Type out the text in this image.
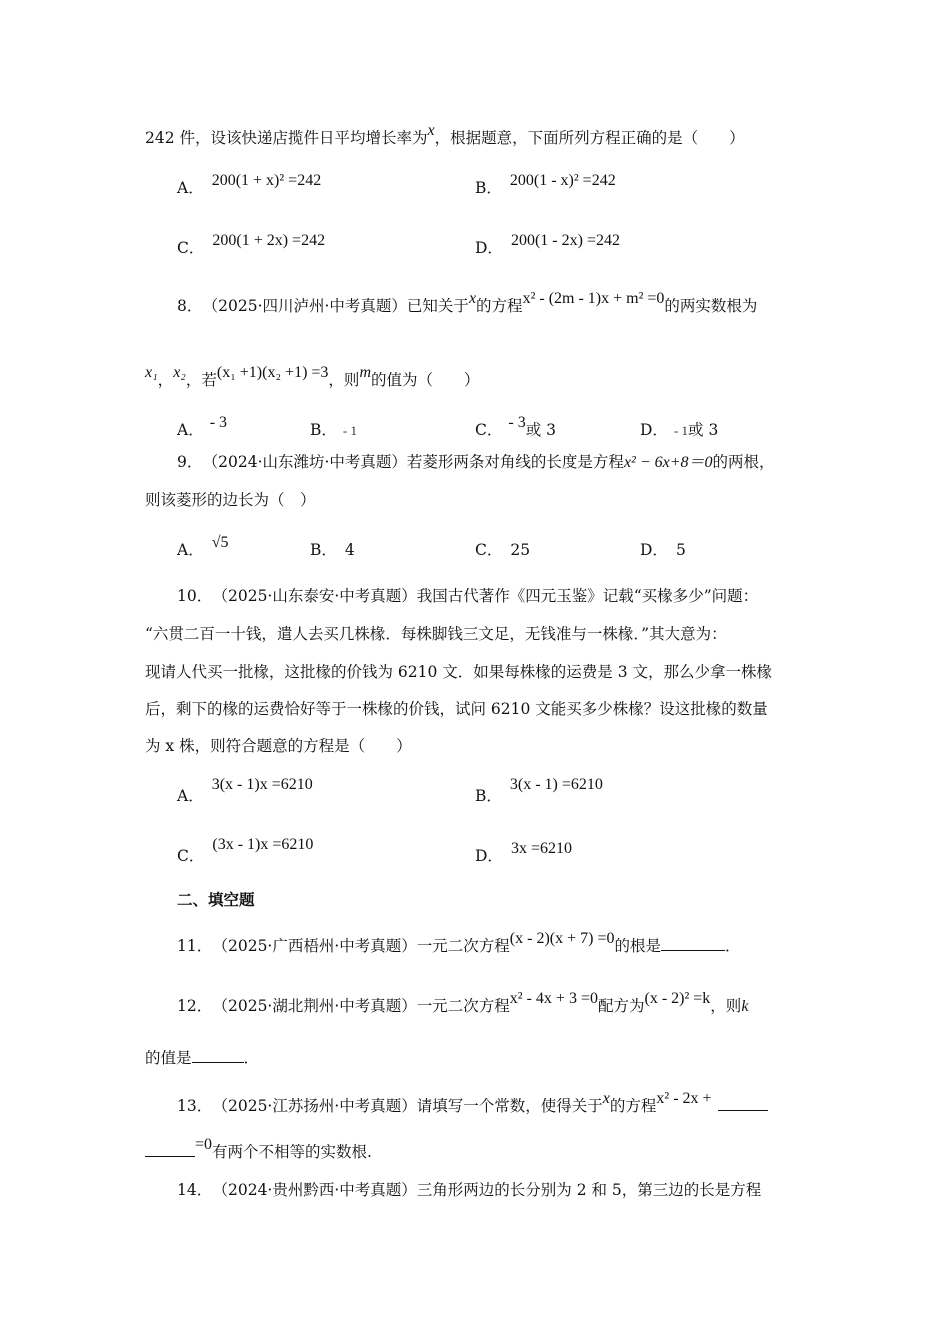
242 件，设该快递店揽件日平均增长率为x，根据题意，下面所列方程正确的是（　　）
A． 200(1 + x)² =242	B． 200(1 - x)² =242
C． 200(1 + 2x) =242	D． 200(1 - 2x) =242
8． （2025·四川泸州·中考真题）已知关于x的方程x² - (2m - 1)x + m² =0的两实数根为
x₁，x₂，若(x₁ +1)(x₂ +1) =3，则m的值为（　　）
A． - 3	B． - 1	C． - 3或 3	D． - 1或 3
9． （2024·山东潍坊·中考真题）若菱形两条对角线的长度是方程x² − 6x+8＝0的两根，
则该菱形的边长为（　）
A． √5	B． 4	C． 25	D． 5
10． （2025·山东泰安·中考真题）我国古代著作《四元玉鉴》记载“买椽多少”问题：
“六贯二百一十钱，遣人去买几株椽．每株脚钱三文足，无钱准与一株椽．”其大意为：
现请人代买一批椽，这批椽的价钱为 6210 文．如果每株椽的运费是 3 文，那么少拿一株椽
后，剩下的椽的运费恰好等于一株椽的价钱，试问 6210 文能买多少株椽？设这批椽的数量
为 x 株，则符合题意的方程是（　　）
A．3(x - 1)x =6210
B．3(x - 1) =6210
C．(3x - 1)x =6210
D． 3x =6210
二、填空题
11． （2025·广西梧州·中考真题）一元二次方程(x - 2)(x + 7) =0的根是	．
12． （2025·湖北荆州·中考真题）一元二次方程x² - 4x + 3 =0配方为(x - 2)² =k，则k
的值是	．
13． （2025·江苏扬州·中考真题）请填写一个常数，使得关于x的方程x² - 2x +
=0有两个不相等的实数根.
14． （2024·贵州黔西·中考真题）三角形两边的长分别为 2 和 5，第三边的长是方程
